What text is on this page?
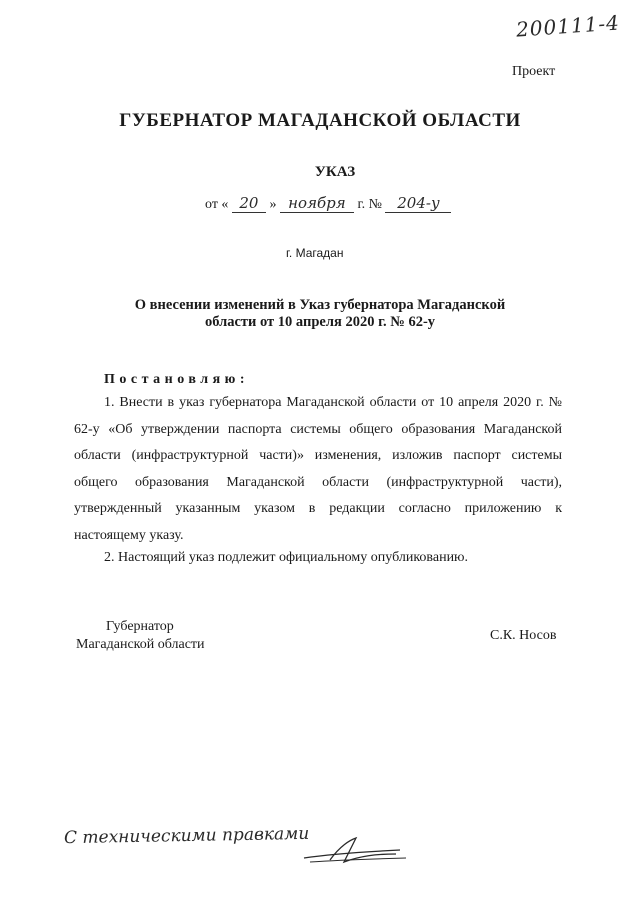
200111-4
Проект
ГУБЕРНАТОР МАГАДАНСКОЙ ОБЛАСТИ
УКАЗ
от « 20 » ноября г. № 204-у
г. Магадан
О внесении изменений в Указ губернатора Магаданской
области от 10 апреля 2020 г. № 62-у
Постановляю:
1. Внести в указ губернатора Магаданской области от 10 апреля 2020 г. № 62-у «Об утверждении паспорта системы общего образования Магаданской области (инфраструктурной части)» изменения, изложив паспорт системы общего образования Магаданской области (инфраструктурной части), утвержденный указанным указом в редакции согласно приложению к настоящему указу.
2. Настоящий указ подлежит официальному опубликованию.
Губернатор
Магаданской области
С.К. Носов
С техническими правками
